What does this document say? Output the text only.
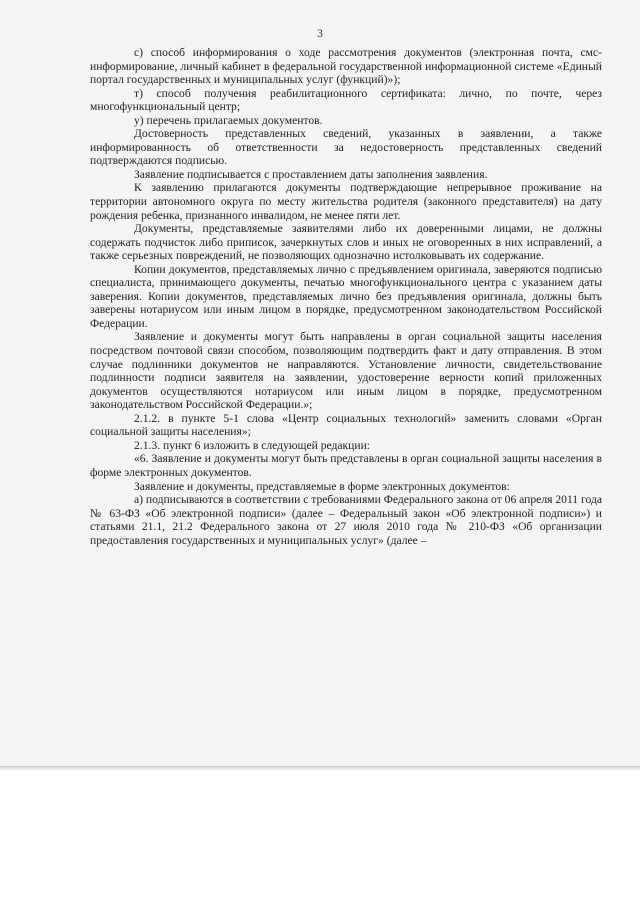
3

с) способ информирования о ходе рассмотрения документов (электронная почта, смс-информирование, личный кабинет в федеральной государственной информационной системе «Единый портал государственных и муниципальных услуг (функций)»);

т) способ получения реабилитационного сертификата: лично, по почте, через многофункциональный центр;

у) перечень прилагаемых документов.

Достоверность представленных сведений, указанных в заявлении, а также информированность об ответственности за недостоверность представленных сведений подтверждаются подписью.

Заявление подписывается с проставлением даты заполнения заявления.

К заявлению прилагаются документы подтверждающие непрерывное проживание на территории автономного округа по месту жительства родителя (законного представителя) на дату рождения ребенка, признанного инвалидом, не менее пяти лет.

Документы, представляемые заявителями либо их доверенными лицами, не должны содержать подчисток либо приписок, зачеркнутых слов и иных не оговоренных в них исправлений, а также серьезных повреждений, не позволяющих однозначно истолковывать их содержание.

Копии документов, представляемых лично с предъявлением оригинала, заверяются подписью специалиста, принимающего документы, печатью многофункционального центра с указанием даты заверения. Копии документов, представляемых лично без предъявления оригинала, должны быть заверены нотариусом или иным лицом в порядке, предусмотренном законодательством Российской Федерации.

Заявление и документы могут быть направлены в орган социальной защиты населения посредством почтовой связи способом, позволяющим подтвердить факт и дату отправления. В этом случае подлинники документов не направляются. Установление личности, свидетельствование подлинности подписи заявителя на заявлении, удостоверение верности копий приложенных документов осуществляются нотариусом или иным лицом в порядке, предусмотренном законодательством Российской Федерации.»;

2.1.2. в пункте 5-1 слова «Центр социальных технологий» заменить словами «Орган социальной защиты населения»;

2.1.3. пункт 6 изложить в следующей редакции:

«6. Заявление и документы могут быть представлены в орган социальной защиты населения в форме электронных документов.

Заявление и документы, представляемые в форме электронных документов:

а) подписываются в соответствии с требованиями Федерального закона от 06 апреля 2011 года № 63-ФЗ «Об электронной подписи» (далее – Федеральный закон «Об электронной подписи») и статьями 21.1, 21.2 Федерального закона от 27 июля 2010 года № 210-ФЗ «Об организации предоставления государственных и муниципальных услуг» (далее –
